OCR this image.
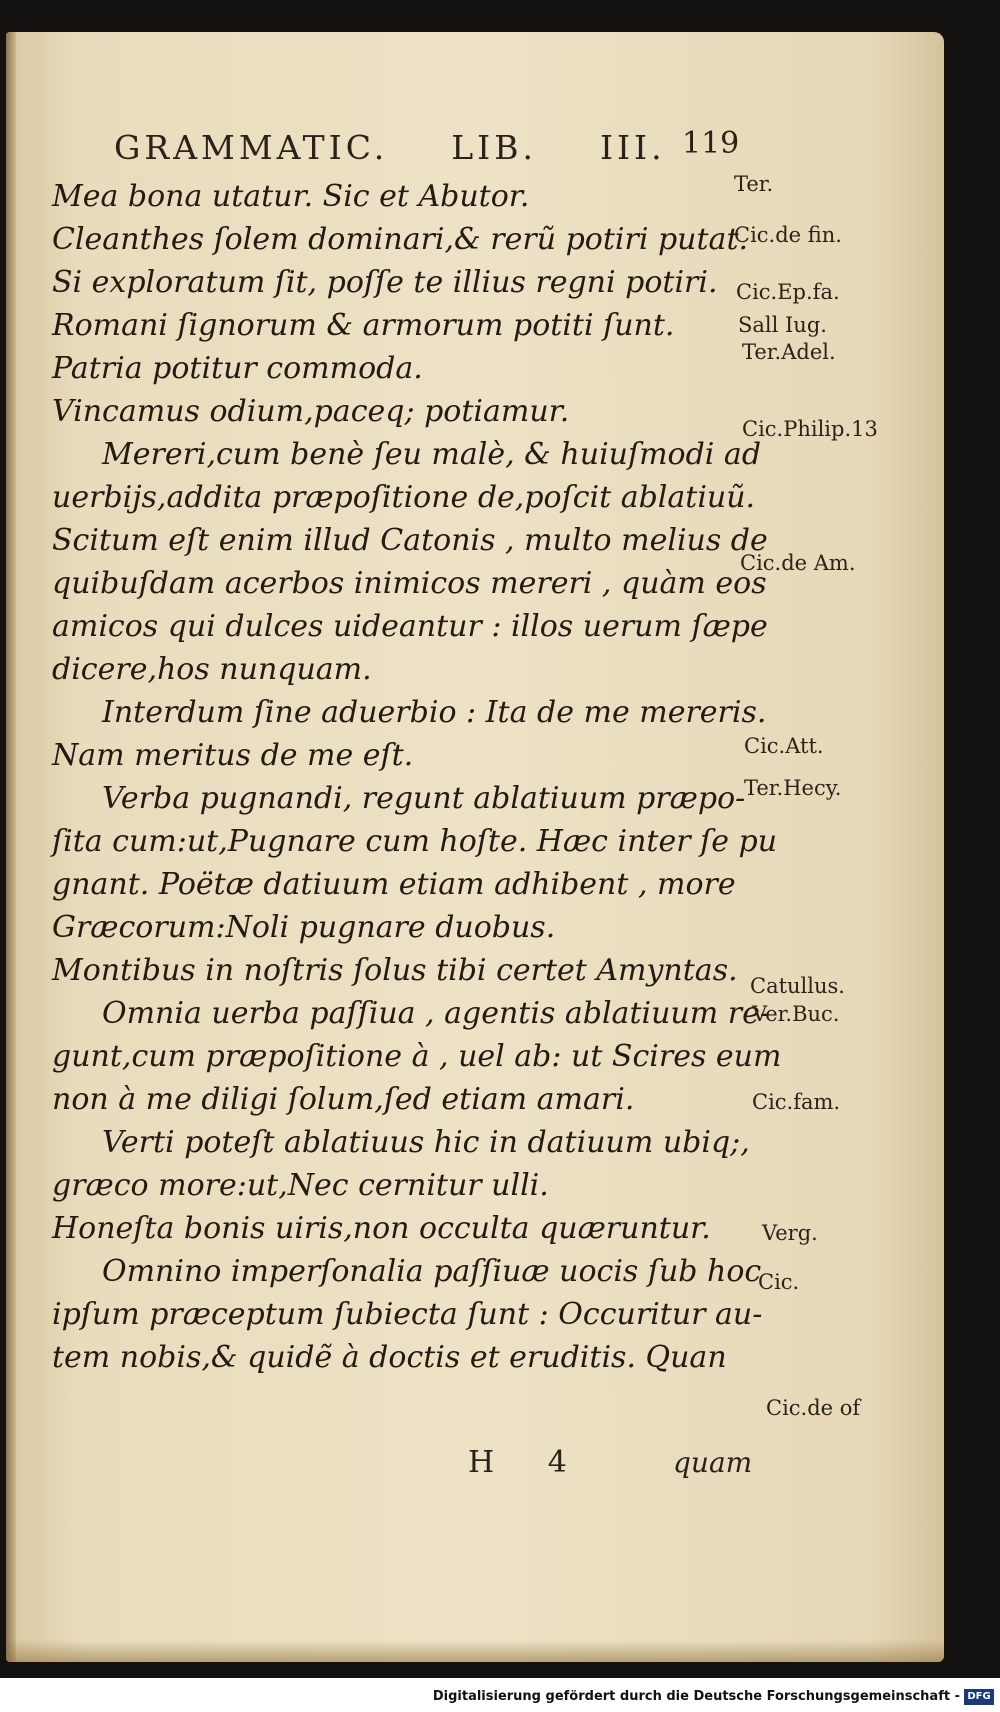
GRAMMATIC. LIB. III. 119
Mea bona utatur. Sic et Abutor.
Cleanthes ſolem dominari,& rerũ potiri putat.
Si exploratum ſit, poſſe te illius regni potiri.
Romani ſignorum & armorum potiti ſunt.
Patria potitur commoda.
Vincamus odium,paceq; potiamur.
Mereri,cum benè ſeu malè, & huiuſmodi ad
uerbijs,addita præpoſitione de,poſcit ablatiuũ.
Scitum eſt enim illud Catonis , multo melius de
quibuſdam acerbos inimicos mereri , quàm eos
amicos qui dulces uideantur : illos uerum ſæpe
dicere,hos nunquam.
Interdum ſine aduerbio : Ita de me mereris.
Nam meritus de me eſt.
Verba pugnandi, regunt ablatiuum præpo-
ſita cum:ut,Pugnare cum hoſte. Hæc inter ſe pu
gnant. Poëtæ datiuum etiam adhibent , more
Græcorum:Noli pugnare duobus.
Montibus in noſtris ſolus tibi certet Amyntas.
Omnia uerba paſſiua , agentis ablatiuum re-
gunt,cum præpoſitione à , uel ab: ut Scires eum
non à me diligi ſolum,ſed etiam amari.
Verti poteſt ablatiuus hic in datiuum ubiq;,
græco more:ut,Nec cernitur ulli.
Honeſta bonis uiris,non occulta quæruntur.
Omnino imperſonalia paſſiuæ uocis ſub hoc
ipſum præceptum ſubiecta ſunt : Occuritur au-
tem nobis,& quidẽ à doctis et eruditis. Quan
Ter.
Cic.de fin.
Cic.Ep.fa.
Sall Iug.
Ter.Adel.
Cic.Philip.13
Cic.de Am.
Cic.Att.
Ter.Hecy.
Catullus.
Ver.Buc.
Cic.fam.
Verg.
Cic.
Cic.de of
H 4	quam
Digitalisierung gefördert durch die Deutsche Forschungsgemeinschaft - DFG
